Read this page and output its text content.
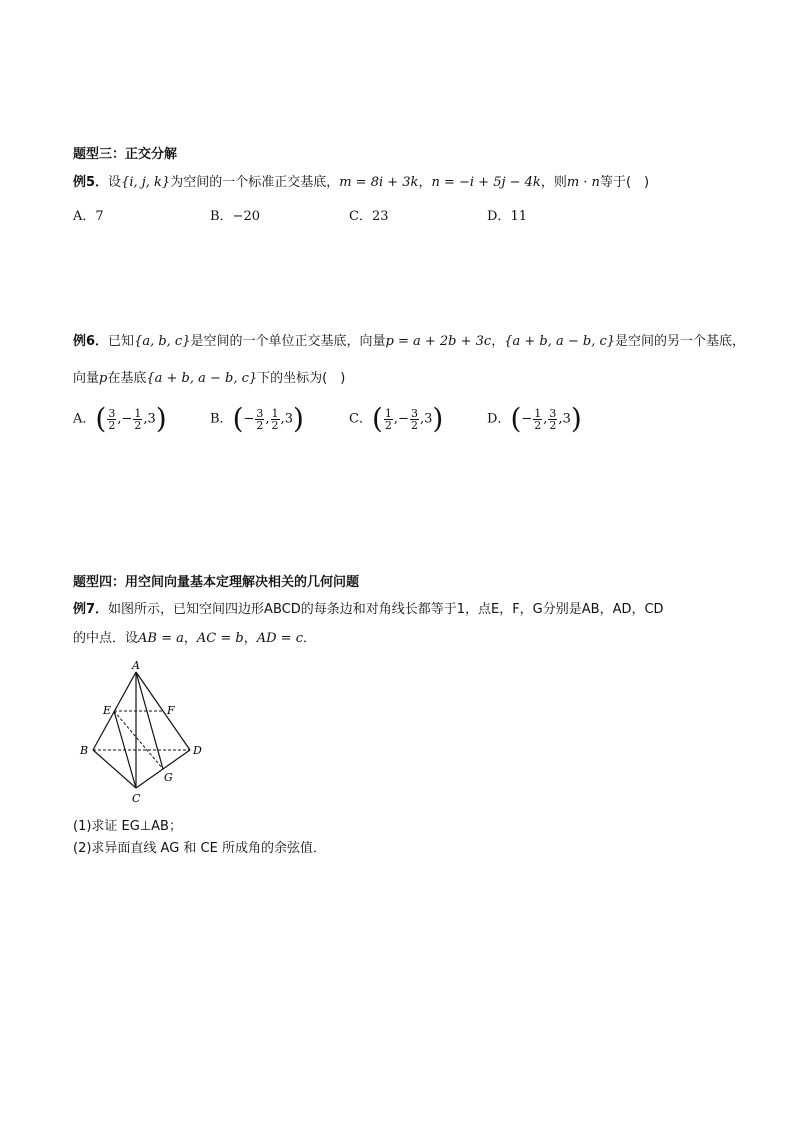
题型三：正交分解
例5．设{i, j, k}为空间的一个标准正交基底，m = 8i + 3k，n = −i + 5j − 4k，则m · n等于(　)
A．7	B．−20	C．23	D．11
例6．已知{a, b, c}是空间的一个单位正交基底，向量p = a + 2b + 3c，{a + b, a − b, c}是空间的另一个基底，
向量p在基底{a + b, a − b, c}下的坐标为(　)
A．( $\frac{3}{2}$ ,− $\frac{1}{2} ,3$)	B．(− $\frac{3}{2}$ , $\frac{1}{2} ,3$)	C．( $\frac{1}{2}$ ,− $\frac{3}{2} ,3$)	D．(− $\frac{1}{2}$ , $\frac{3}{2} ,3$)
题型四：用空间向量基本定理解决相关的几何问题
例7．如图所示，已知空间四边形ABCD的每条边和对角线长都等于1，点E，F，G分别是AB，AD，CD
的中点．设AB = a，AC = b，AD = c．
A
B
C
D
E	F
G
(1)求证 EG⊥AB；
(2)求异面直线 AG 和 CE 所成角的余弦值．
